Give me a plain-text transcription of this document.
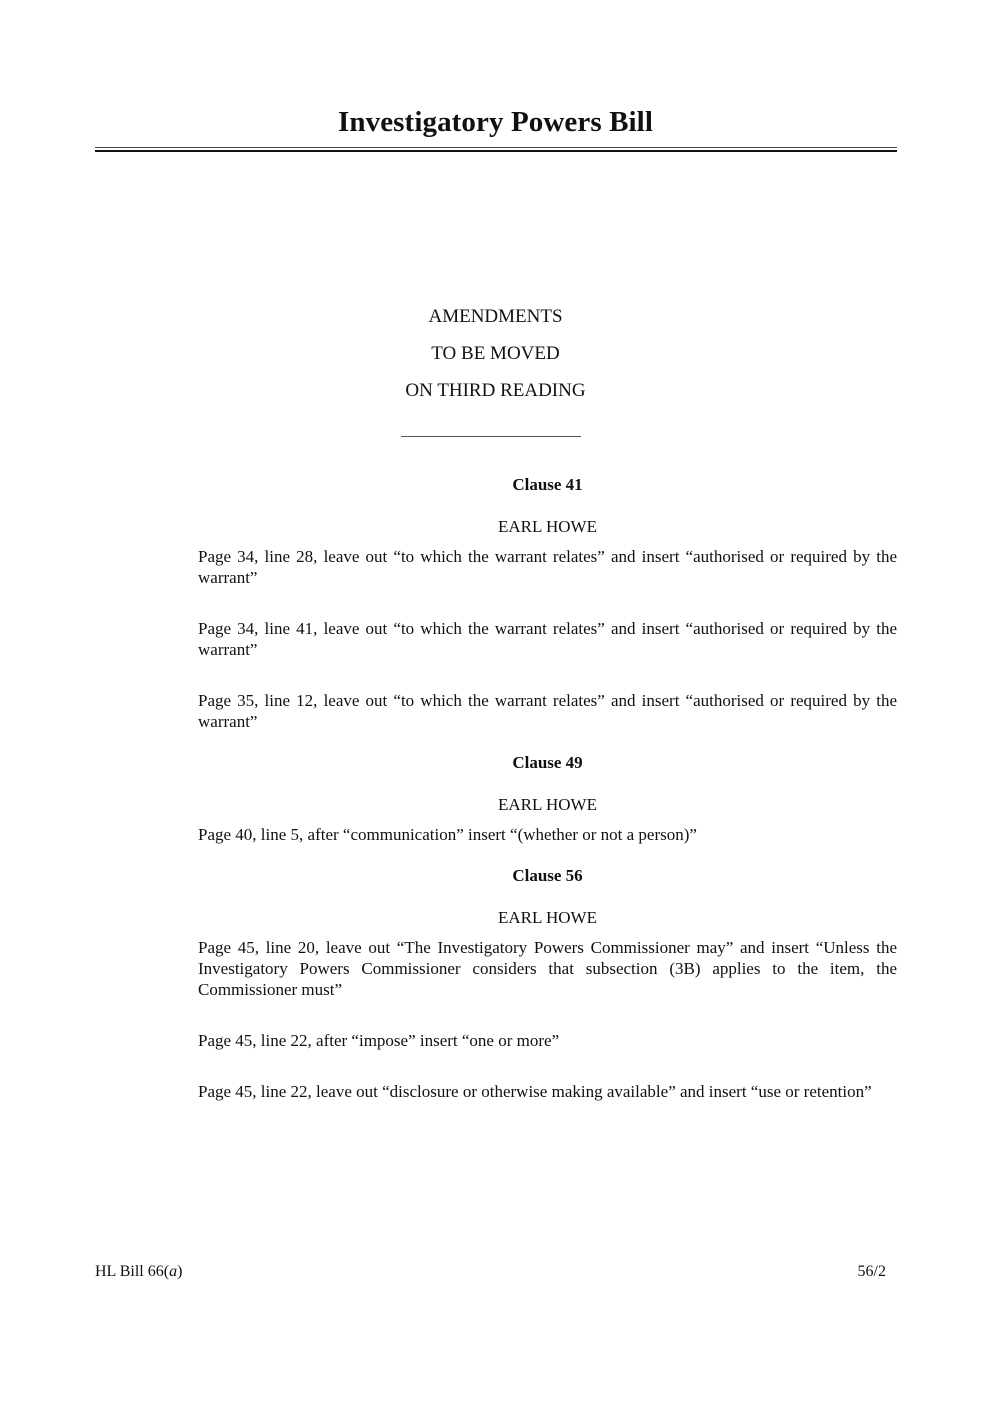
Investigatory Powers Bill
AMENDMENTS
TO BE MOVED
ON THIRD READING
Clause 41
EARL HOWE
Page 34, line 28, leave out “to which the warrant relates” and insert “authorised or required by the warrant”
Page 34, line 41, leave out “to which the warrant relates” and insert “authorised or required by the warrant”
Page 35, line 12, leave out “to which the warrant relates” and insert “authorised or required by the warrant”
Clause 49
EARL HOWE
Page 40, line 5, after “communication” insert “(whether or not a person)”
Clause 56
EARL HOWE
Page 45, line 20, leave out “The Investigatory Powers Commissioner may” and insert “Unless the Investigatory Powers Commissioner considers that subsection (3B) applies to the item, the Commissioner must”
Page 45, line 22, after “impose” insert “one or more”
Page 45, line 22, leave out “disclosure or otherwise making available” and insert “use or retention”
HL Bill 66(a)	56/2
